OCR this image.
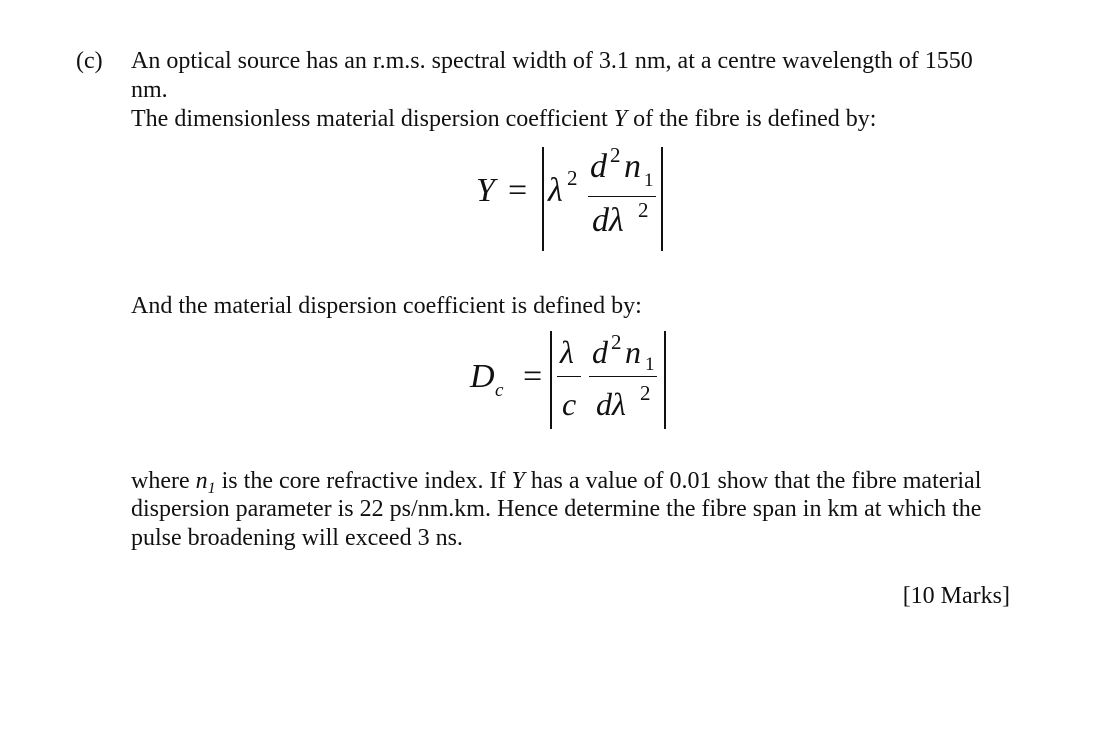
(c) An optical source has an r.m.s. spectral width of 3.1 nm, at a centre wavelength of 1550
nm.
The dimensionless material dispersion coefficient Y of the fibre is defined by:
Y = λ 2 d 2 n 1
dλ 2
And the material dispersion coefficient is defined by:
D c =
λ
c
d 2 n 1
dλ 2
where $n_1$ is the core refractive index. If Y has a value of 0.01 show that the fibre material
dispersion parameter is 22 ps/nm.km. Hence determine the fibre span in km at which the
pulse broadening will exceed 3 ns.
[10 Marks]
